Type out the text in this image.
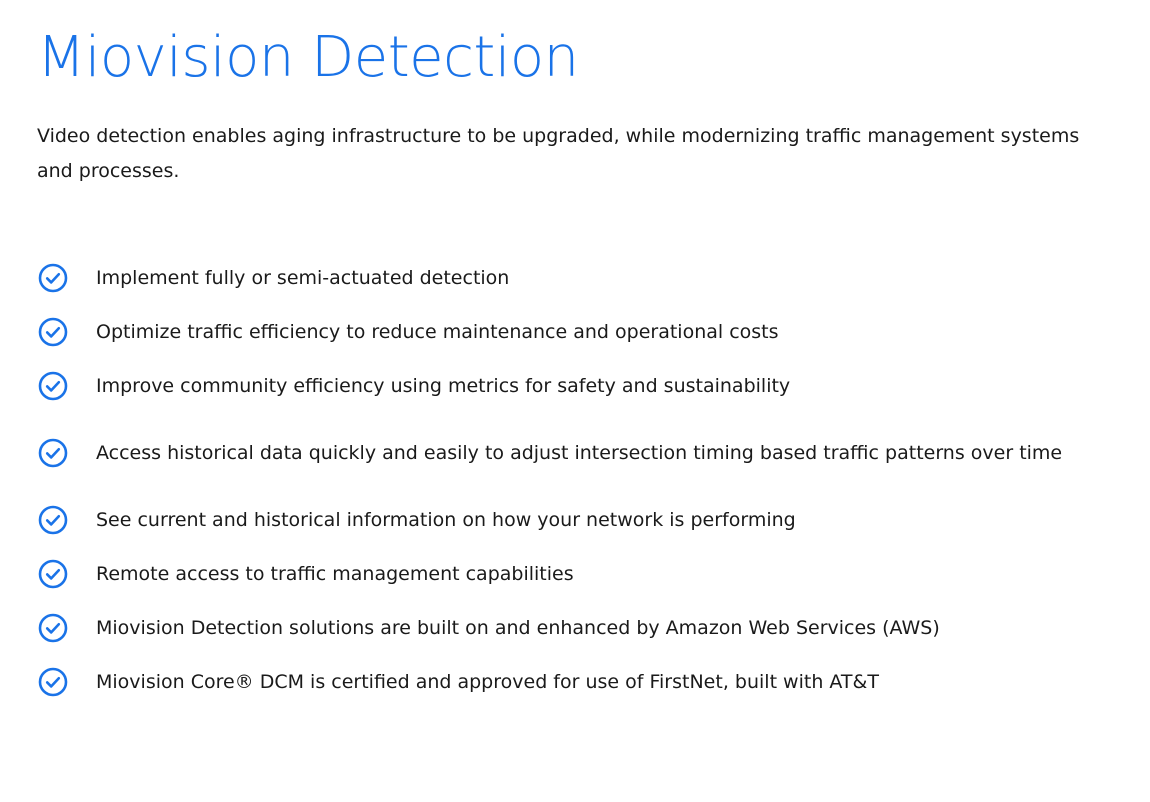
Miovision Detection

Video detection enables aging infrastructure to be upgraded, while modernizing traffic management systems and processes.

Implement fully or semi-actuated detection
Optimize traffic efficiency to reduce maintenance and operational costs
Improve community efficiency using metrics for safety and sustainability
Access historical data quickly and easily to adjust intersection timing based traffic patterns over time
See current and historical information on how your network is performing
Remote access to traffic management capabilities
Miovision Detection solutions are built on and enhanced by Amazon Web Services (AWS)
Miovision Core® DCM is certified and approved for use of FirstNet, built with AT&T
